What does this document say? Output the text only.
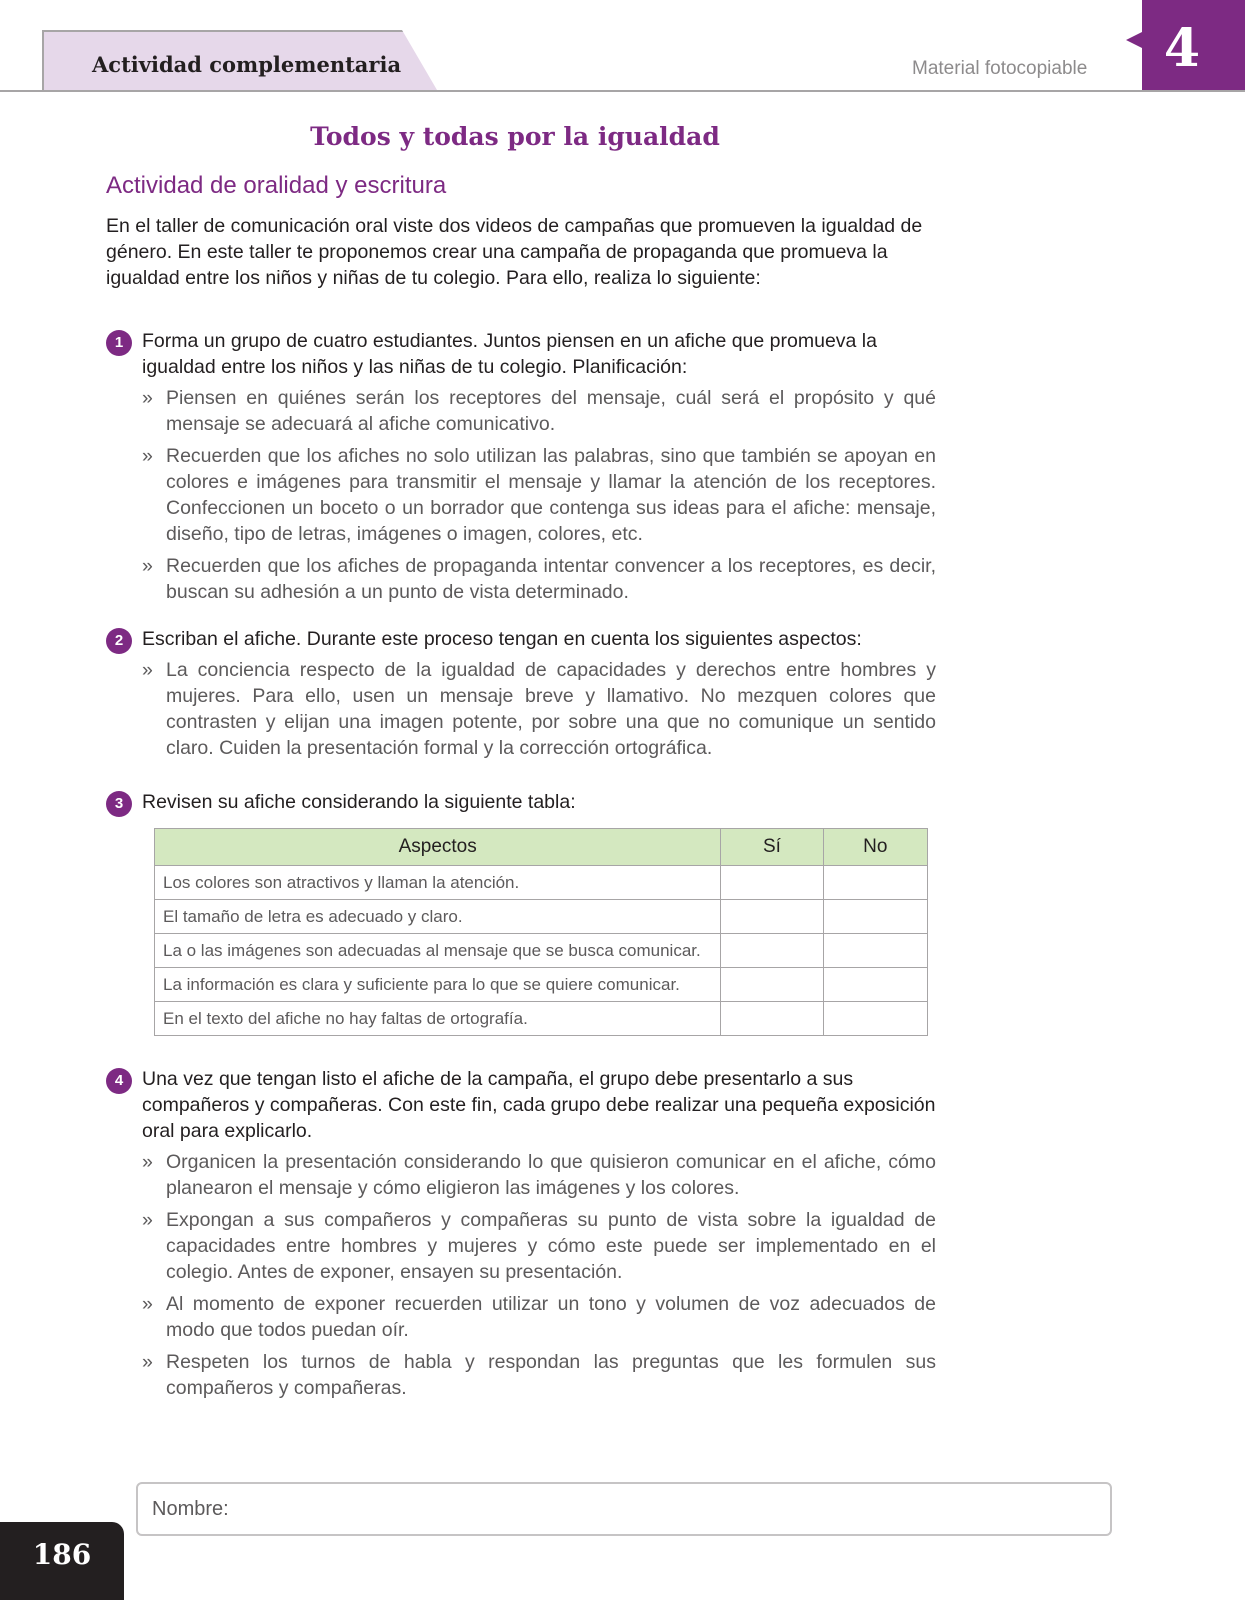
Actividad complementaria	Material fotocopiable	4
Todos y todas por la igualdad
Actividad de oralidad y escritura
En el taller de comunicación oral viste dos videos de campañas que promueven la igualdad de género. En este taller te proponemos crear una campaña de propaganda que promueva la igualdad entre los niños y niñas de tu colegio. Para ello, realiza lo siguiente:
1 Forma un grupo de cuatro estudiantes. Juntos piensen en un afiche que promueva la igualdad entre los niños y las niñas de tu colegio. Planificación:
» Piensen en quiénes serán los receptores del mensaje, cuál será el propósito y qué mensaje se adecuará al afiche comunicativo.
» Recuerden que los afiches no solo utilizan las palabras, sino que también se apoyan en colores e imágenes para transmitir el mensaje y llamar la atención de los receptores. Confeccionen un boceto o un borrador que contenga sus ideas para el afiche: mensaje, diseño, tipo de letras, imágenes o imagen, colores, etc.
» Recuerden que los afiches de propaganda intentar convencer a los receptores, es decir, buscan su adhesión a un punto de vista determinado.
2 Escriban el afiche. Durante este proceso tengan en cuenta los siguientes aspectos:
» La conciencia respecto de la igualdad de capacidades y derechos entre hombres y mujeres. Para ello, usen un mensaje breve y llamativo. No mezquen colores que contrasten y elijan una imagen potente, por sobre una que no comunique un sentido claro. Cuiden la presentación formal y la corrección ortográfica.
3 Revisen su afiche considerando la siguiente tabla:
Aspectos	Sí	No
Los colores son atractivos y llaman la atención.		
El tamaño de letra es adecuado y claro.		
La o las imágenes son adecuadas al mensaje que se busca comunicar.		
La información es clara y suficiente para lo que se quiere comunicar.		
En el texto del afiche no hay faltas de ortografía.		
4 Una vez que tengan listo el afiche de la campaña, el grupo debe presentarlo a sus compañeros y compañeras. Con este fin, cada grupo debe realizar una pequeña exposición oral para explicarlo.
» Organicen la presentación considerando lo que quisieron comunicar en el afiche, cómo planearon el mensaje y cómo eligieron las imágenes y los colores.
» Expongan a sus compañeros y compañeras su punto de vista sobre la igualdad de capacidades entre hombres y mujeres y cómo este puede ser implementado en el colegio. Antes de exponer, ensayen su presentación.
» Al momento de exponer recuerden utilizar un tono y volumen de voz adecuados de modo que todos puedan oír.
» Respeten los turnos de habla y respondan las preguntas que les formulen sus compañeros y compañeras.
Nombre:
186
